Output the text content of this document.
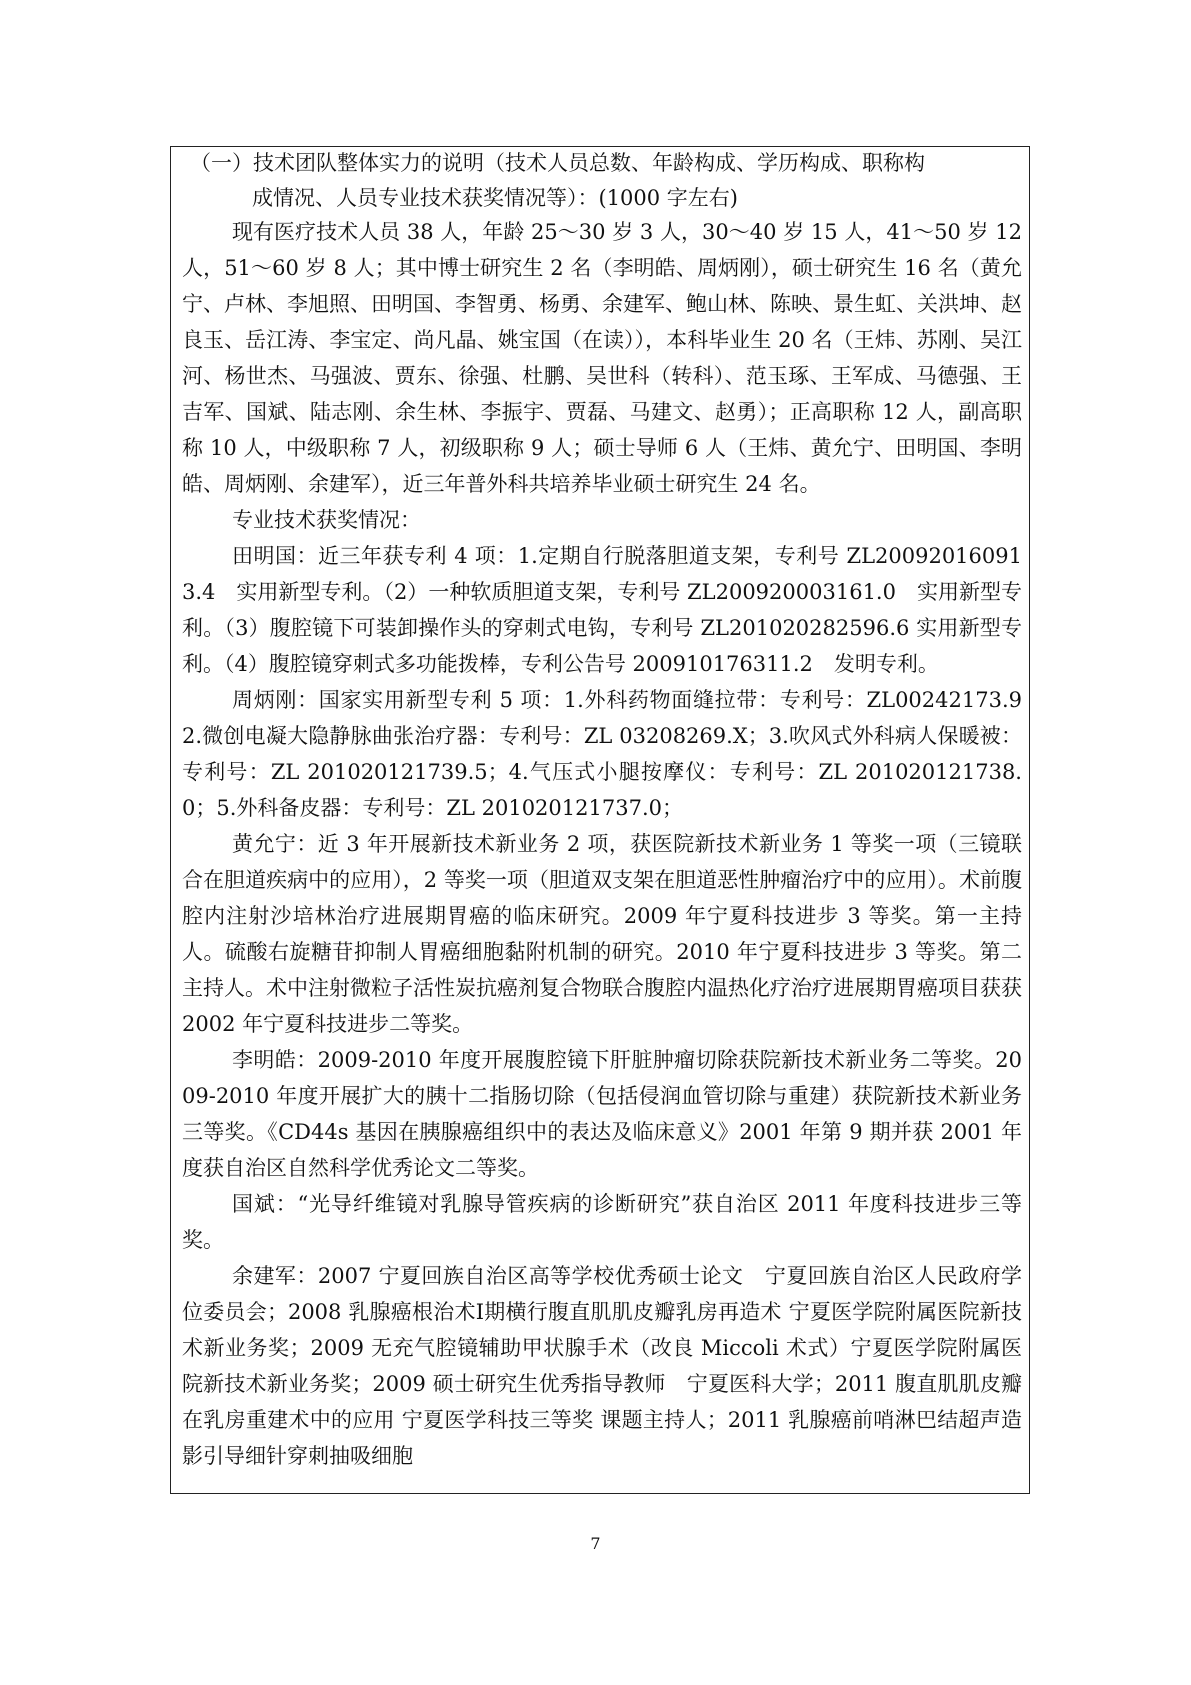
（一）技术团队整体实力的说明（技术人员总数、年龄构成、学历构成、职称构
成情况、人员专业技术获奖情况等）：(1000 字左右)

现有医疗技术人员 38 人，年龄 25～30 岁 3 人，30～40 岁 15 人，41～50 岁 12 人，51～60 岁 8 人；其中博士研究生 2 名（李明皓、周炳刚），硕士研究生 16 名（黄允宁、卢林、李旭照、田明国、李智勇、杨勇、余建军、鲍山林、陈映、景生虹、关洪坤、赵良玉、岳江涛、李宝定、尚凡晶、姚宝国（在读）），本科毕业生 20 名（王炜、苏刚、吴江河、杨世杰、马强波、贾东、徐强、杜鹏、吴世科（转科）、范玉琢、王军成、马德强、王吉军、国斌、陆志刚、余生林、李振宇、贾磊、马建文、赵勇）；正高职称 12 人，副高职称 10 人，中级职称 7 人，初级职称 9 人；硕士导师 6 人（王炜、黄允宁、田明国、李明皓、周炳刚、余建军），近三年普外科共培养毕业硕士研究生 24 名。

专业技术获奖情况：

田明国：近三年获专利 4 项：1.定期自行脱落胆道支架，专利号 ZL200920160913.4　实用新型专利。（2）一种软质胆道支架，专利号 ZL200920003161.0　实用新型专利。（3）腹腔镜下可装卸操作头的穿刺式电钩，专利号 ZL201020282596.6 实用新型专利。（4）腹腔镜穿刺式多功能拨棒，专利公告号 200910176311.2　发明专利。

周炳刚：国家实用新型专利 5 项：1.外科药物面缝拉带：专利号：ZL00242173.9 2.微创电凝大隐静脉曲张治疗器：专利号：ZL 03208269.X；3.吹风式外科病人保暖被：专利号：ZL 201020121739.5；4.气压式小腿按摩仪：专利号：ZL 201020121738.0；5.外科备皮器：专利号：ZL 201020121737.0；

黄允宁：近 3 年开展新技术新业务 2 项，获医院新技术新业务 1 等奖一项（三镜联合在胆道疾病中的应用），2 等奖一项（胆道双支架在胆道恶性肿瘤治疗中的应用）。术前腹腔内注射沙培林治疗进展期胃癌的临床研究。2009 年宁夏科技进步 3 等奖。第一主持人。硫酸右旋糖苷抑制人胃癌细胞黏附机制的研究。2010 年宁夏科技进步 3 等奖。第二主持人。术中注射微粒子活性炭抗癌剂复合物联合腹腔内温热化疗治疗进展期胃癌项目获获 2002 年宁夏科技进步二等奖。

李明皓：2009-2010 年度开展腹腔镜下肝脏肿瘤切除获院新技术新业务二等奖。2009-2010 年度开展扩大的胰十二指肠切除（包括侵润血管切除与重建）获院新技术新业务三等奖。《CD44s 基因在胰腺癌组织中的表达及临床意义》2001 年第 9 期并获 2001 年度获自治区自然科学优秀论文二等奖。

国斌：“光导纤维镜对乳腺导管疾病的诊断研究”获自治区 2011 年度科技进步三等奖。

余建军：2007 宁夏回族自治区高等学校优秀硕士论文　宁夏回族自治区人民政府学位委员会；2008 乳腺癌根治术Ⅰ期横行腹直肌肌皮瓣乳房再造术 宁夏医学院附属医院新技术新业务奖；2009 无充气腔镜辅助甲状腺手术（改良 Miccoli 术式）宁夏医学院附属医院新技术新业务奖；2009 硕士研究生优秀指导教师　宁夏医科大学；2011 腹直肌肌皮瓣在乳房重建术中的应用 宁夏医学科技三等奖 课题主持人；2011 乳腺癌前哨淋巴结超声造影引导细针穿刺抽吸细胞

7
